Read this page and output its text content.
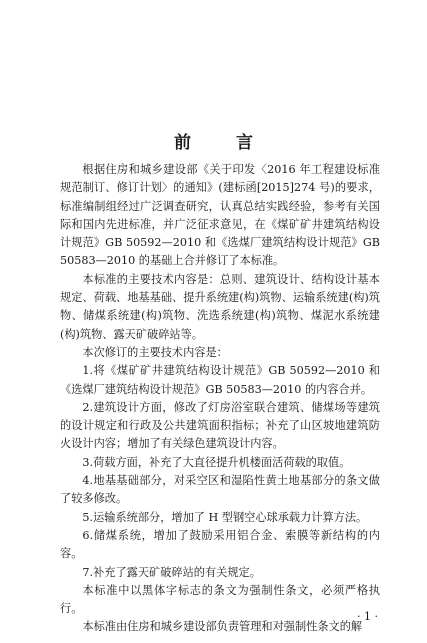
前　言

根据住房和城乡建设部《关于印发〈2016 年工程建设标准规范制订、修订计划〉的通知》(建标函[2015]274 号)的要求，标准编制组经过广泛调查研究，认真总结实践经验，参考有关国际和国内先进标准，并广泛征求意见，在《煤矿矿井建筑结构设计规范》GB 50592—2010 和《选煤厂建筑结构设计规范》GB 50583—2010 的基础上合并修订了本标准。

本标准的主要技术内容是：总则、建筑设计、结构设计基本规定、荷载、地基基础、提升系统建(构)筑物、运输系统建(构)筑物、储煤系统建(构)筑物、洗选系统建(构)筑物、煤泥水系统建(构)筑物、露天矿破碎站等。

本次修订的主要技术内容是：

1.将《煤矿矿井建筑结构设计规范》GB 50592—2010 和《选煤厂建筑结构设计规范》GB 50583—2010 的内容合并。

2.建筑设计方面，修改了灯房浴室联合建筑、储煤场等建筑的设计规定和行政及公共建筑面积指标；补充了山区坡地建筑防火设计内容；增加了有关绿色建筑设计内容。

3.荷载方面，补充了大直径提升机楼面活荷载的取值。

4.地基基础部分，对采空区和湿陷性黄土地基部分的条文做了较多修改。

5.运输系统部分，增加了 H 型钢空心球承载力计算方法。

6.储煤系统，增加了鼓励采用铝合金、索膜等新结构的内容。

7.补充了露天矿破碎站的有关规定。

本标准中以黑体字标志的条文为强制性条文，必须严格执行。

本标准由住房和城乡建设部负责管理和对强制性条文的解

· 1 ·
